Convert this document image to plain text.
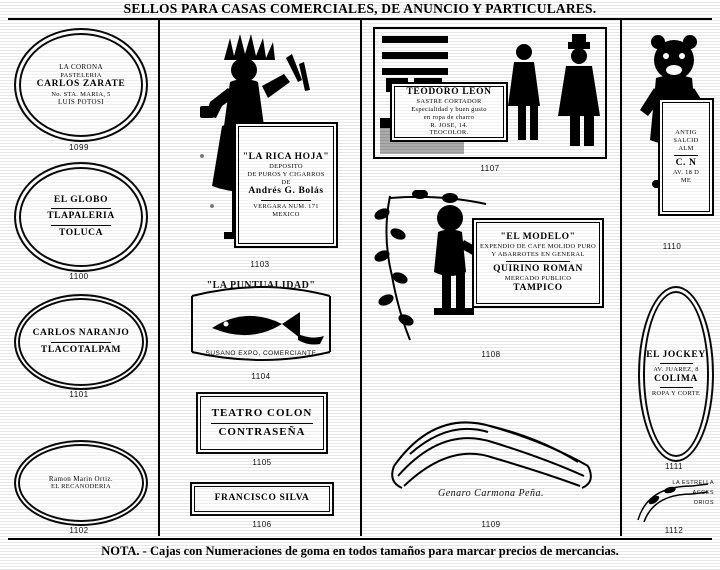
SELLOS PARA CASAS COMERCIALES, DE ANUNCIO Y PARTICULARES.
NOTA. - Cajas con Numeraciones de goma en todos tamaños para marcar precios de mercancias.
LA CORONA
PASTELERIA
CARLOS ZARATE
No. STA. MARIA, 5
LUIS POTOSI
1099
EL GLOBO
TLAPALERIA
TOLUCA
1100
CARLOS NARANJO
TLACOTALPAM
1101
Ramon Marin Ortiz.
EL RECANODERIA
1102
"LA RICA HOJA"
DEPOSITO
DE PUROS Y CIGARROS
DE
Andrés G. Bolás
VERGARA NUM. 171
MEXICO
1103
"LA PUNTUALIDAD"
SUSANO EXPO, COMERCIANTE
1104
TEATRO COLON
CONTRASEÑA
1105
FRANCISCO SILVA
1106
TEODORO LEON
SASTRE CORTADOR
Especialidad y buen gusto
en ropa de charro
R. JOSE, 14.
TEOCOLOR.
1107
"EL MODELO"
EXPENDIO DE CAFE MOLIDO PURO
Y ABARROTES EN GENERAL
QUIRINO ROMAN
MERCADO PUBLICO
TAMPICO
1108
Genaro Carmona Peña.
1109
ANTIG
SALCID
ALM
C. N
AV. 18 D
ME
1110
EL JOCKEY
AV. JUAREZ, 8
COLIMA
ROPA Y CORTE
1111
LA ESTRELLA
ACCES
ORIOS
1112
